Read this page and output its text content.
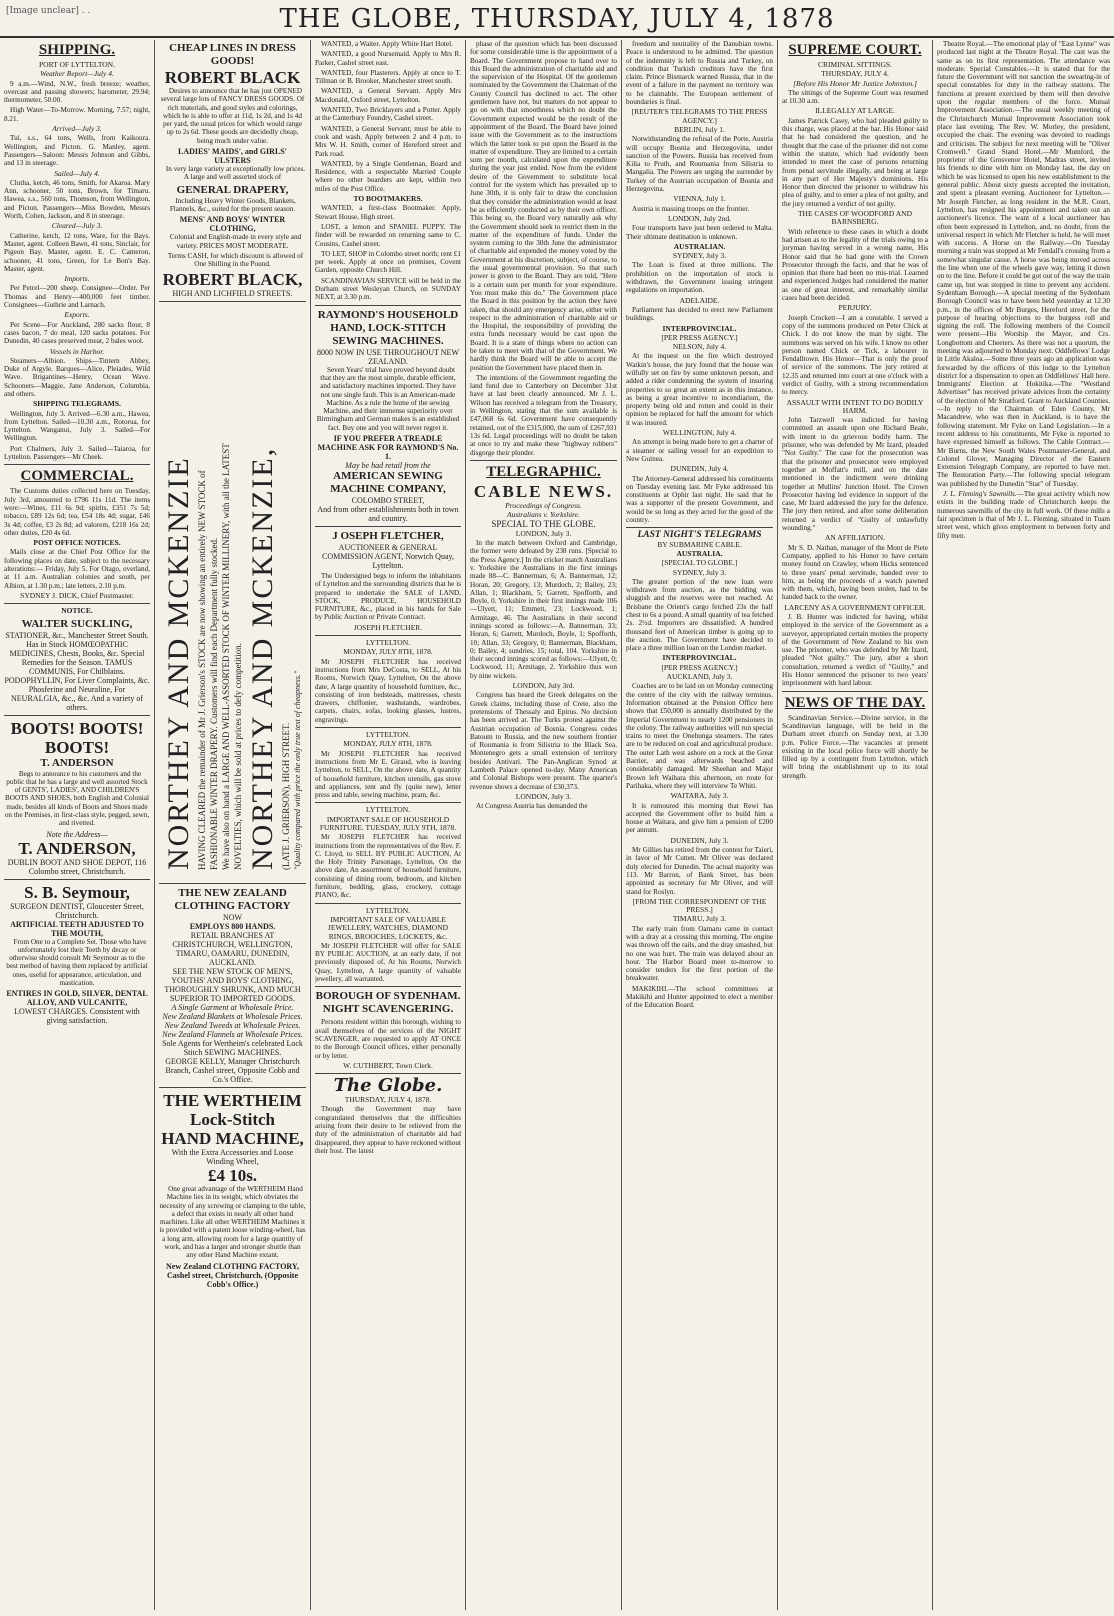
[Image unclear] . .	THE GLOBE, THURSDAY, JULY 4, 1878
SHIPPING.
PORT OF LYTTELTON.
Weather Report—July 4.

9 a.m.—Wind, N.W., fresh breeze; weather, overcast and passing showers; barometer, 29.94; thermometer, 50.00.

High Water—To-Morrow. Morning, 7.57; night, 8.21.

Arrived—July 3.

Tui, s.s., 64 tons, Wells, from Kaikoura. Wellington, and Picton. G. Manley, agent. Passengers—Saloon: Messrs Johnson and Gibbs, and 13 in steerage.

Sailed—July 4.

Clutha, ketch, 46 tons, Smith, for Akaroa. Mary Ann, schooner, 50 tons, Brown, for Timaru. Hawea, s.s., 560 tons, Thomson, from Wellington, and Picton. Passengers—Miss Bowden, Messrs Worth, Cohen, Jackson, and 8 in steerage.

Cleared—July 3.

Catherine, ketch, 12 tons, Ware, for the Bays. Master, agent. Colleen Bawn, 41 tons, Sinclair, for Pigeon Bay. Master, agent. E. C. Cameron, schooner, 41 tons, Green, for Le Bon's Bay. Master, agent.

Imports.

Per Petrel—200 sheep. Consignee—Order. Per Thomas and Henry—400,000 feet timber. Consignees—Guthrie and Larnach.

Exports.

Per Scene—For Auckland, 280 sacks flour, 8 cases bacon, 7 do meal, 120 sacks potatoes. For Dunedin, 40 cases preserved meat, 2 bales wool.

Vessels in Harbor.

Steamers—Albion. Ships—Tintern Abbey, Duke of Argyle. Barques—Alice, Pleiades, Wild Wave. Brigantines—Henry, Ocean Wave. Schooners—Maggie, Jane Anderson, Columbia, and others.

SHIPPING TELEGRAMS.

Wellington, July 3. Arrived—6.30 a.m., Hawea, from Lyttelton. Sailed—10.30 a.m., Rotorua, for Lyttelton. Wanganui, July 3. Sailed—For Wellington.

Port Chalmers, July 3. Sailed—Taiaroa, for Lyttelton. Passengers—Mr Cheek.

COMMERCIAL.

The Customs duties collected here on Tuesday, July 3rd, amounted to £796 11s 11d. The items were:—Wines, £11 6s 9d; spirits, £351 7s 5d; tobacco, £89 12s 6d; tea, £54 18s 4d; sugar, £46 3s 4d; coffee, £3 2s 8d; ad valorem, £218 16s 2d; other duties, £20 4s 6d.

POST OFFICE NOTICES.

Mails close at the Chief Post Office for the following places on date, subject to the necessary alterations:— Friday, July 5. For Otago, overland, at 11 a.m. Australian colonies and south, per Albion, at 1.30 p.m.; late letters, 2.10 p.m.

SYDNEY J. DICK, Chief Postmaster.
NOTICE.
WALTER SUCKLING,
STATIONER, &c., Manchester Street South.
Has in Stock HOMŒOPATHIC MEDICINES, Chests, Books, &c. Special Remedies for the Season. TAMUS COMMUNIS, For Chilblains. PODOPHYLLIN, For Liver Complaints, &c. Phosferine and Neuraline, For NEURALGIA, &c., &c. And a variety of others.
BOOTS! BOOTS! BOOTS!
T. ANDERSON

Begs to announce to his customers and the public that he has a large and well assorted Stock of GENTS', LADIES', AND CHILDREN'S BOOTS AND SHOES, both English and Colonial made, besides all kinds of Boots and Shoes made on the Premises, in first-class style, pegged, sewn, and rivetted.

Note the Address—
T. ANDERSON,
DUBLIN BOOT AND SHOE DEPOT, 116 Colombo street, Christchurch.
S. B. Seymour,
SURGEON DENTIST, Gloucester Street, Christchurch.
ARTIFICIAL TEETH ADJUSTED TO THE MOUTH,

From One to a Complete Set. Those who have unfortunately lost their Teeth by decay or otherwise should consult Mr Seymour as to the best method of having them replaced by artificial ones, useful for appearance, articulation, and mastication.

ENTIRES IN GOLD, SILVER, DENTAL ALLOY, AND VULCANITE,
LOWEST CHARGES. Consistent with giving satisfaction.
CHEAP LINES IN DRESS GOODS!
ROBERT BLACK

Desires to announce that he has just OPENED several large lots of FANCY DRESS GOODS. Of rich materials, and good styles and colorings, which he is able to offer at 11d, 1s 2d, and 1s 4d per yard, the usual prices for which would range up to 2s 6d. These goods are decidedly cheap, being much under value.

LADIES' MAIDS', and GIRLS' ULSTERS

In very large variety at exceptionally low prices. A large and well assorted stock of

GENERAL DRAPERY,

Including Heavy Winter Goods, Blankets, Flannels, &c., suited for the present season.

MENS' AND BOYS' WINTER CLOTHING,

Colonial and English-made in every style and variety. PRICES MOST MODERATE.

Terms CASH, for which discount is allowed of One Shilling in the Pound.

ROBERT BLACK,
HIGH AND LICHFIELD STREETS.
NORTHEY AND MCKENZIE HAVING CLEARED the remainder of Mr J. Grierson's STOCK are now showing an entirely NEW STOCK of FASHIONABLE WINTER DRAPERY. Customers will find each Department fully stocked. We have also on hand a LARGE AND WELL-ASSORTED STOCK OF WINTER MILLINERY, with all the LATEST NOVELTIES, which will be sold at prices to defy competition. NORTHEY AND MCKENZIE, (LATE J. GRIERSON), HIGH STREET. "Quality compared with price the only true test of cheapness."
THE NEW ZEALAND CLOTHING FACTORY
NOW
EMPLOYS 800 HANDS.
RETAIL BRANCHES AT CHRISTCHURCH, WELLINGTON, TIMARU, OAMARU, DUNEDIN, AUCKLAND.
SEE THE NEW STOCK OF MEN'S, YOUTHS' AND BOYS' CLOTHING, THOROUGHLY SHRUNK, AND MUCH SUPERIOR TO IMPORTED GOODS.
A Single Garment at Wholesale Price.
New Zealand Blankets at Wholesale Prices. New Zealand Tweeds at Wholesale Prices. New Zealand Flannels at Wholesale Prices.
Sole Agents for Wertheim's celebrated Lock Stitch SEWING MACHINES.
GEORGE KELLY, Manager Christchurch Branch, Cashel street, Opposite Cobb and Co.'s Office.
THE WERTHEIM
Lock-Stitch
HAND MACHINE,
With the Extra Accessories and Loose Winding Wheel,
£4 10s.

One great advantage of the WERTHEIM Hand Machine lies in its weight, which obviates the necessity of any screwing or clamping to the table, a defect that exists in nearly all other hand machines. Like all other WERTHEIM Machines it is provided with a patent loose winding-wheel, has a long arm, allowing room for a large quantity of work, and has a larger and stronger shuttle than any other Hand Machine extant.

New Zealand CLOTHING FACTORY, Cashel street, Christchurch, (Opposite Cobb's Office.)

WANTED, a Waiter. Apply White Hart Hotel.

WANTED, a good Nursemaid. Apply to Mrs R. Parker, Cashel street east.

WANTED, four Plasterers. Apply at once to T. Tillman or B. Brooker, Manchester street south.

WANTED, a General Servant. Apply Mrs Macdonald, Oxford street, Lyttelton.

WANTED, Two Bricklayers and a Potter. Apply at the Canterbury Foundry, Cashel street.

WANTED, a General Servant; must be able to cook and wash. Apply between 2 and 4 p.m. to Mrs W. H. Smith, corner of Hereford street and Park road.

WANTED, by a Single Gentleman, Board and Residence, with a respectable Married Couple where no other boarders are kept, within two miles of the Post Office.

TO BOOTMAKERS.

WANTED, a first-class Bootmaker. Apply, Stewart House, High street.

LOST, a lemon and SPANIEL PUPPY. The finder will be rewarded on returning same to C. Cousins, Cashel street.

TO LET, SHOP in Colombo street north; rent £1 per week. Apply at once on premises, Covent Garden, opposite Church Hill.

SCANDINAVIAN SERVICE will be held in the Durham street Wesleyan Church, on SUNDAY NEXT, at 3.30 p.m.

RAYMOND'S HOUSEHOLD HAND, LOCK-STITCH SEWING MACHINES.
8000 NOW IN USE THROUGHOUT NEW ZEALAND.

Seven Years' trial have proved beyond doubt that they are the most simple, durable efficient, and satisfactory machines imported. They have not one single fault. This is an American-made Machine. As a rule the home of the sewing Machine, and their immense superiority over Birmingham and German makes is an established fact. Buy one and you will never regret it.

IF YOU PREFER A TREADLE MACHINE ASK FOR RAYMOND'S No. 1.
May be had retail from the
AMERICAN SEWING MACHINE COMPANY,
COLOMBO STREET,
And from other establishments both in town and country.
J OSEPH FLETCHER,
AUCTIONEER & GENERAL COMMISSION AGENT, Norwich Quay, Lyttelton.

The Undersigned begs to inform the inhabitants of Lyttelton and the surrounding districts that he is prepared to undertake the SALE of LAND, STOCK, PRODUCE, HOUSEHOLD FURNITURE, &c., placed in his hands for Sale by Public Auction or Private Contract.

JOSEPH FLETCHER.
LYTTELTON.
MONDAY, JULY 8TH, 1878.

Mr JOSEPH FLETCHER has received instructions from Mrs DeCosta, to SELL, At his Rooms, Norwich Quay, Lyttelton, On the above date, A large quantity of household furniture, &c., consisting of iron bedsteads, mattresses, chests drawers, chiffonier, washstands, wardrobes, carpets, chairs, sofas, looking glasses, lustres, engravings.

LYTTELTON.
MONDAY, JULY 8TH, 1878.

Mr JOSEPH FLETCHER has received instructions from Mr E. Giraud, who is leaving Lyttelton, to SELL, On the above date, A quantity of household furniture, kitchen utensils, gas stove and appliances, tent and fly (quite new), letter press and table, sewing machine, pram, &c.

LYTTELTON.
IMPORTANT SALE OF HOUSEHOLD FURNITURE. TUESDAY, JULY 9TH, 1878.

Mr JOSEPH FLETCHER has received instructions from the representatives of the Rev. F. C. Lloyd, to SELL BY PUBLIC AUCTION, At the Holy Trinity Parsonage, Lyttelton, On the above date, An assortment of household furniture, consisting of dining room, bedroom, and kitchen furniture, bedding, glass, crockery, cottage PIANO, &c.

LYTTELTON.
IMPORTANT SALE OF VALUABLE JEWELLERY, WATCHES, DIAMOND RINGS, BROOCHES, LOCKETS, &c.

Mr JOSEPH FLETCHER will offer for SALE BY PUBLIC AUCTION, at an early date, if not previously disposed of, At his Rooms, Norwich Quay, Lyttelton, A large quantity of valuable jewellery, all warranted.

BOROUGH OF SYDENHAM.
NIGHT SCAVENGERING.

Persons resident within this borough, wishing to avail themselves of the services of the NIGHT SCAVENGER, are requested to apply AT ONCE to the Borough Council offices, either personally or by letter.

W. CUTHBERT, Town Clerk.
The Globe.
THURSDAY, JULY 4, 1878.

Though the Government may have congratulated themselves that the difficulties arising from their desire to be relieved from the duty of the administration of charitable aid had disappeared, they appear to have reckoned without their host. The latest

phase of the question which has been discussed for some considerable time is the appointment of a Board. The Government propose to hand over to this Board the administration of charitable aid and the supervision of the Hospital. Of the gentlemen nominated by the Government the Chairman of the County Council has declined to act. The other gentlemen have not, but matters do not appear to go on with that smoothness which no doubt the Government expected would be the result of the appointment of the Board. The Board have joined issue with the Government as to the instructions which the latter took to put upon the Board in the matter of expenditure. They are limited to a certain sum per month, calculated upon the expenditure during the year just ended. Now from the evident desire of the Government to substitute local control for the system which has prevailed up to June 30th, it is only fair to draw the conclusion that they consider the administration would at least be as efficiently conducted as by their own officer. This being so, the Board very naturally ask why the Government should seek to restrict them in the matter of the expenditure of funds. Under the system coming to the 30th June the administrator of charitable aid expended the money voted by the Government at his discretion, subject, of course, to the usual governmental provision. So that such power is given to the Board. They are told, "Here is a certain sum per month for your expenditure. You must make this do." The Government place the Board in this position by the action they have taken, that should any emergency arise, either with respect to the administration of charitable aid or the Hospital, the responsibility of providing the extra funds necessary would be cast upon the Board. It is a state of things where no action can be taken to meet with that of the Government. We hardly think the Board will be able to accept the position the Government have placed them in.

The intentions of the Government regarding the land fund due to Canterbury on December 31st have at last been clearly announced. Mr J. L. Wilson has received a telegram from the Treasury, in Wellington, stating that the sum available is £47,068 6s 6d. Government have consequently retained, out of the £315,000, the sum of £267,931 13s 6d. Legal proceedings will no doubt be taken at once to try and make these "highway robbers" disgorge their plunder.

TELEGRAPHIC.
CABLE NEWS.
Proceedings of Congress.
Australians v. Yorkshire.
SPECIAL TO THE GLOBE.
LONDON, July 3.

In the match between Oxford and Cambridge, the former were defeated by 238 runs. [Special to the Press Agency.] In the cricket match Australians v. Yorkshire the Australians in the first innings made 88—C. Bannerman, 6; A. Bannerman, 12; Horan, 20; Gregory, 13; Murdoch, 2; Bailey, 23; Allan, 1; Blackham, 5; Garrett, Spofforth, and Boyle, 0. Yorkshire in their first innings made 106—Ulyett, 11; Emmett, 23; Lockwood, 1; Armitage, 46. The Australians in their second innings scored as follows:—A. Bannerman, 33; Horan, 6; Garrett, Murdoch, Boyle, 1; Spofforth, 10; Allan, 33; Gregory, 0; Bannerman, Blackham, 0; Bailey, 4; sundries, 15; total, 104. Yorkshire in their second innings scored as follows:—Ulyett, 0; Lockwood, 11; Armitage, 2. Yorkshire thus won by nine wickets.

LONDON, July 3rd.

Congress has heard the Greek delegates on the Greek claims, including those of Crete, also the pretensions of Thessaly and Epirus. No decision has been arrived at. The Turks protest against the Austrian occupation of Bosnia. Congress cedes Batoum to Russia, and the new southern frontier of Roumania is from Silistria to the Black Sea. Montenegro gets a small extension of territory besides Antivari. The Pan-Anglican Synod at Lambeth Palace opened to-day. Many American and Colonial Bishops were present. The quarter's revenue shows a decrease of £30,373.

LONDON, July 3.

At Congress Austria has demanded the

freedom and neutrality of the Danubian towns. Peace is understood to be admitted. The question of the indemnity is left to Russia and Turkey, on condition that Turkish creditors have the first claim. Prince Bismarck warned Russia, that in the event of a failure in the payment no territory was to be claimable. The European settlement of boundaries is final.

[REUTER'S TELEGRAMS TO THE PRESS AGENCY.]
BERLIN, July 1.

Notwithstanding the refusal of the Porte, Austria will occupy Bosnia and Herzegovina, under sanction of the Powers. Russia has received from Kilia to Pruth, and Roumania from Silistria to Mangalia. The Powers are urging the surrender by Turkey of the Austrian occupation of Bosnia and Herzegovina.

VIENNA, July 1.

Austria is massing troops on the frontier.

LONDON, July 2nd.

Four transports have just been ordered to Malta. Their ultimate destination is unknown.

AUSTRALIAN.
SYDNEY, July 3.

The Loan is fixed at three millions. The prohibition on the importation of stock is withdrawn, the Government issuing stringent regulations on importation.

ADELAIDE.

Parliament has decided to erect new Parliament buildings.

INTERPROVINCIAL.
[PER PRESS AGENCY.]
NELSON, July 4.

At the inquest on the fire which destroyed Watkin's house, the jury found that the house was wilfully set on fire by some unknown person, and added a rider condemning the system of insuring properties to so great an extent as in this instance, as being a great incentive to incendiarism, the property being old and rotten and could in their opinion be replaced for half the amount for which it was insured.

WELLINGTON, July 4.

An attempt is being made here to get a charter of a steamer or sailing vessel for an expedition to New Guinea.

DUNEDIN, July 4.

The Attorney-General addressed his constituents on Tuesday evening last. Mr Fyke addressed his constituents at Ophir last night. He said that he was a supporter of the present Government, and would be so long as they acted for the good of the country.

LAST NIGHT'S TELEGRAMS
BY SUBMARINE CABLE.
AUSTRALIA.
[SPECIAL TO GLOBE.]
SYDNEY, July 3.

The greater portion of the new loan were withdrawn from auction, as the bidding was sluggish and the reserves were not reached. At Brisbane the Orient's cargo fetched 23s the half chest to 6s a pound. A small quantity of tea fetched 2s. 2½d. Importers are dissatisfied. A hundred thousand feet of American timber is going up to the auction. The Government have decided to place a three million loan on the London market.

INTERPROVINCIAL.
[PER PRESS AGENCY.]
AUCKLAND, July 3.

Coaches are to be laid on on Monday connecting the centre of the city with the railway terminus. Information obtained at the Pension Office here shows that £50,000 is annually distributed by the Imperial Government to nearly 1200 pensioners in the colony. The railway authorities will run special trains to meet the Onehunga steamers. The rates are to be reduced on coal and agricultural produce. The outer Lath west ashore on a rock at the Great Barrier, and was afterwards beached and considerably damaged. Mr Sheehan and Major Brown left Waihara this afternoon, en route for Parihaka, where they will interview Te Whiti.

WAITARA, July 3.

It is rumoured this morning that Rewi has accepted the Government offer to build him a house at Waitara, and give him a pension of £200 per annum.

DUNEDIN, July 3.

Mr Gillies has retired from the contest for Taieri, in favor of Mr Cutten. Mr Oliver was declared duly elected for Dunedin. The actual majority was 113. Mr Barron, of Bank Street, has been appointed as secretary for Mr Oliver, and will stand for Roslyn.

[FROM THE CORRESPONDENT OF THE PRESS.]
TIMARU, July 3.

The early train from Oamaru came in contact with a dray at a crossing this morning. The engine was thrown off the rails, and the dray smashed, but no one was hurt. The train was delayed about an hour. The Harbor Board meet to-morrow to consider tenders for the first portion of the breakwater.

MAKIKIHI.—The school committees at Makikihi and Hunter appointed to elect a member of the Education Board.

SUPREME COURT.
CRIMINAL SITTINGS.
THURSDAY, JULY 4.
[Before His Honor Mr Justice Johnston.]

The sittings of the Supreme Court was resumed at 10.30 a.m.

ILLEGALLY AT LARGE.

James Patrick Casey, who had pleaded guilty to this charge, was placed at the bar. His Honor said that he had considered the question, and he thought that the case of the prisoner did not come within the statute, which had evidently been intended to meet the case of persons returning from penal servitude illegally, and being at large in any part of Her Majesty's dominions. His Honor then directed the prisoner to withdraw his plea of guilty, and to enter a plea of not guilty, and the jury returned a verdict of not guilty.

THE CASES OF WOODFORD AND BARNSBERG.

With reference to these cases in which a doubt had arisen as to the legality of the trials owing to a juryman having served in a wrong name, His Honor said that he had gone with the Crown Prosecutor through the facts, and that he was of opinion that there had been no mis-trial. Learned and experienced Judges had considered the matter as one of great interest, and remarkably similar cases had been decided.

PERJURY.

Joseph Crockett—I am a constable. I served a copy of the summons produced on Peter Chick at Chick. I do not know the man by sight. The summons was served on his wife. I know no other person named Chick or Tick, a labourer in Fendalltown. His Honor—That is only the proof of service of the summons. The jury retired at 12.35 and returned into court at one o'clock with a verdict of Guilty, with a strong recommendation to mercy.

ASSAULT WITH INTENT TO DO BODILY HARM.

John Tarzwell was indicted for having committed an assault upon one Richard Beale, with intent to do grievous bodily harm. The prisoner, who was defended by Mr Izard, pleaded "Not Guilty." The case for the prosecution was that the prisoner and prosecutor were employed together at Moffatt's mill, and on the date mentioned in the indictment were drinking together at Mullins' Junction Hotel. The Crown Prosecutor having led evidence in support of the case, Mr Izard addressed the jury for the defence. The jury then retired, and after some deliberation returned a verdict of "Guilty of unlawfully wounding."

AN AFFILIATION.

Mr S. D. Nathan, manager of the Mont de Piete Company, applied to his Honor to have certain money found on Crawley, whom Hicks sentenced to three years' penal servitude, handed over to him, as being the proceeds of a watch pawned with them, which, having been stolen, had to be handed back to the owner.

LARCENY AS A GOVERNMENT OFFICER.

J. B. Hunter was indicted for having, whilst employed in the service of the Government as a surveyor, appropriated certain monies the property of the Government of New Zealand to his own use. The prisoner, who was defended by Mr Izard, pleaded "Not guilty." The jury, after a short consultation, returned a verdict of "Guilty," and His Honor sentenced the prisoner to two years' imprisonment with hard labour.

NEWS OF THE DAY.

Scandinavian Service.—Divine service, in the Scandinavian language, will be held in the Durham street church on Sunday next, at 3.30 p.m. Police Force.—The vacancies at present existing in the local police force will shortly be filled up by a contingent from Lyttelton, which will bring the establishment up to its total strength.

Theatre Royal.—The emotional play of "East Lynne" was produced last night at the Theatre Royal. The cast was the same as on its first representation. The attendance was moderate. Special Constables.—It is stated that for the future the Government will not sanction the swearing-in of special constables for duty in the railway stations. The functions at present exercised by them will then devolve upon the regular members of the force. Mutual Improvement Association.—The usual weekly meeting of the Christchurch Mutual Improvement Association took place last evening. The Rev. W. Morley, the president, occupied the chair. The evening was devoted to readings and criticism. The subject for next meeting will be "Oliver Cromwell." Grand Stand Hotel.—Mr Mumford, the proprietor of the Grosvenor Hotel, Madras street, invited his friends to dine with him on Monday last, the day on which he was licensed to open his new establishment to the general public. About sixty guests accepted the invitation, and spent a pleasant evening. Auctioneer for Lyttelton.—Mr Joseph Fletcher, as long resident in the M.R. Court, Lyttelton, has resigned his appointment and taken out an auctioneer's licence. The want of a local auctioneer has often been expressed in Lyttelton, and, no doubt, from the universal respect in which Mr Fletcher is held, he will meet with success. A Horse on the Railway.—On Tuesday morning a train was stopped at Mr Fendall's crossing from a somewhat singular cause. A horse was being moved across the line when one of the wheels gave way, letting it down on to the line. Before it could be got out of the way the train came up, but was stopped in time to prevent any accident. Sydenham Borough.—A special meeting of the Sydenham Borough Council was to have been held yesterday at 12.30 p.m., in the offices of Mr Burges, Hereford street, for the purpose of hearing objections to the burgess roll and signing the roll. The following members of the Council were present—His Worship the Mayor, and Crs. Longbottom and Cheeters. As there was not a quorum, the meeting was adjourned to Monday next. Oddfellows' Lodge in Little Akaloa.—Some three years ago an application was forwarded by the officers of this lodge to the Lyttelton district for a dispensation to open an Oddfellows' Hall here. Immigrants' Election at Hokitika.—The "Westland Advertiser" has received private advices from the certainty of the election of Mr Stratford. Grant to Auckland Counties.—In reply to the Chairman of Eden County, Mr Macandrew, who was then in Auckland, is to have the following statement. Mr Fyke on Land Legislation.—In a recent address to his constituents, Mr Fyke is reported to have expressed himself as follows. The Cable Contract.—Mr Burns, the New South Wales Postmaster-General, and Colonel Glover, Managing Director of the Eastern Extension Telegraph Company, are reported to have met. The Restoration Party.—The following special telegram was published by the Dunedin "Star" of Tuesday.

J. L. Fleming's Sawmills.—The great activity which now exists in the building trade of Christchurch keeps the numerous sawmills of the city in full work. Of these mills a fair specimen is that of Mr J. L. Fleming, situated in Tuam street west, which gives employment to between forty and fifty men.
